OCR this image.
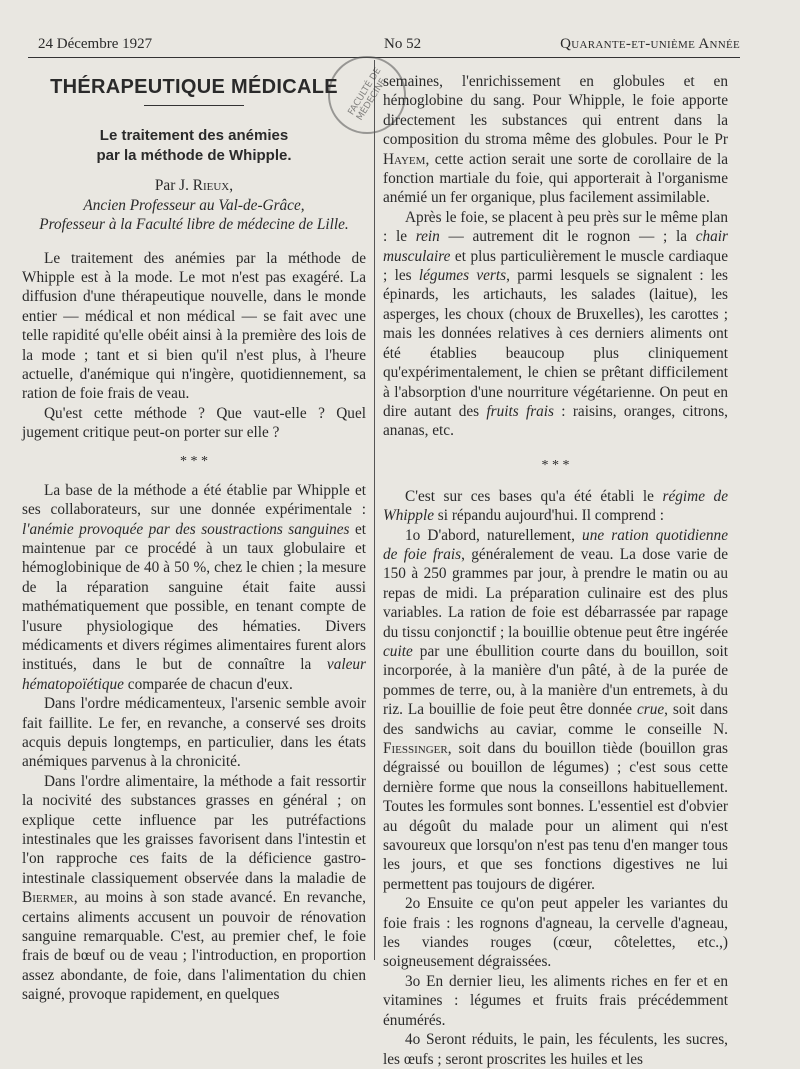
24 Décembre 1927	No 52	Quarante-et-unième Année
FACULTÉ DE MÉDECINE
THÉRAPEUTIQUE MÉDICALE
Le traitement des anémies
par la méthode de Whipple.
Par J. Rieux,
Ancien Professeur au Val-de-Grâce,
Professeur à la Faculté libre de médecine de Lille.

Le traitement des anémies par la méthode de Whipple est à la mode. Le mot n'est pas exagéré. La diffusion d'une thérapeutique nouvelle, dans le monde entier — médical et non médical — se fait avec une telle rapidité qu'elle obéit ainsi à la première des lois de la mode ; tant et si bien qu'il n'est plus, à l'heure actuelle, d'anémique qui n'ingère, quotidiennement, sa ration de foie frais de veau.

Qu'est cette méthode ? Que vaut-elle ? Quel jugement critique peut-on porter sur elle ?

* * *

La base de la méthode a été établie par Whipple et ses collaborateurs, sur une donnée expérimentale : l'anémie provoquée par des soustractions sanguines et maintenue par ce procédé à un taux globulaire et hémoglobinique de 40 à 50 %, chez le chien ; la mesure de la réparation sanguine était faite aussi mathématiquement que possible, en tenant compte de l'usure physiologique des hématies. Divers médicaments et divers régimes alimentaires furent alors institués, dans le but de connaître la valeur hématopoïétique comparée de chacun d'eux.

Dans l'ordre médicamenteux, l'arsenic semble avoir fait faillite. Le fer, en revanche, a conservé ses droits acquis depuis longtemps, en particulier, dans les états anémiques parvenus à la chronicité.

Dans l'ordre alimentaire, la méthode a fait ressortir la nocivité des substances grasses en général ; on explique cette influence par les putréfactions intestinales que les graisses favorisent dans l'intestin et l'on rapproche ces faits de la déficience gastro-intestinale classiquement observée dans la maladie de Biermer, au moins à son stade avancé. En revanche, certains aliments accusent un pouvoir de rénovation sanguine remarquable. C'est, au premier chef, le foie frais de bœuf ou de veau ; l'introduction, en proportion assez abondante, de foie, dans l'alimentation du chien saigné, provoque rapidement, en quelques

semaines, l'enrichissement en globules et en hémoglobine du sang. Pour Whipple, le foie apporte directement les substances qui entrent dans la composition du stroma même des globules. Pour le Pr Hayem, cette action serait une sorte de corollaire de la fonction martiale du foie, qui apporterait à l'organisme anémié un fer organique, plus facilement assimilable.

Après le foie, se placent à peu près sur le même plan : le rein — autrement dit le rognon — ; la chair musculaire et plus particulièrement le muscle cardiaque ; les légumes verts, parmi lesquels se signalent : les épinards, les artichauts, les salades (laitue), les asperges, les choux (choux de Bruxelles), les carottes ; mais les données relatives à ces derniers aliments ont été établies beaucoup plus cliniquement qu'expérimentalement, le chien se prêtant difficilement à l'absorption d'une nourriture végétarienne. On peut en dire autant des fruits frais : raisins, oranges, citrons, ananas, etc.

* * *

C'est sur ces bases qu'a été établi le régime de Whipple si répandu aujourd'hui. Il comprend :

1o D'abord, naturellement, une ration quotidienne de foie frais, généralement de veau. La dose varie de 150 à 250 grammes par jour, à prendre le matin ou au repas de midi. La préparation culinaire est des plus variables. La ration de foie est débarrassée par rapage du tissu conjonctif ; la bouillie obtenue peut être ingérée cuite par une ébullition courte dans du bouillon, soit incorporée, à la manière d'un pâté, à de la purée de pommes de terre, ou, à la manière d'un entremets, à du riz. La bouillie de foie peut être donnée crue, soit dans des sandwichs au caviar, comme le conseille N. Fiessinger, soit dans du bouillon tiède (bouillon gras dégraissé ou bouillon de légumes) ; c'est sous cette dernière forme que nous la conseillons habituellement. Toutes les formules sont bonnes. L'essentiel est d'obvier au dégoût du malade pour un aliment qui n'est savoureux que lorsqu'on n'est pas tenu d'en manger tous les jours, et que ses fonctions digestives ne lui permettent pas toujours de digérer.

2o Ensuite ce qu'on peut appeler les variantes du foie frais : les rognons d'agneau, la cervelle d'agneau, les viandes rouges (cœur, côtelettes, etc.,) soigneusement dégraissées.

3o En dernier lieu, les aliments riches en fer et en vitamines : légumes et fruits frais précédemment énumérés.

4o Seront réduits, le pain, les féculents, les sucres, les œufs ; seront proscrites les huiles et les
